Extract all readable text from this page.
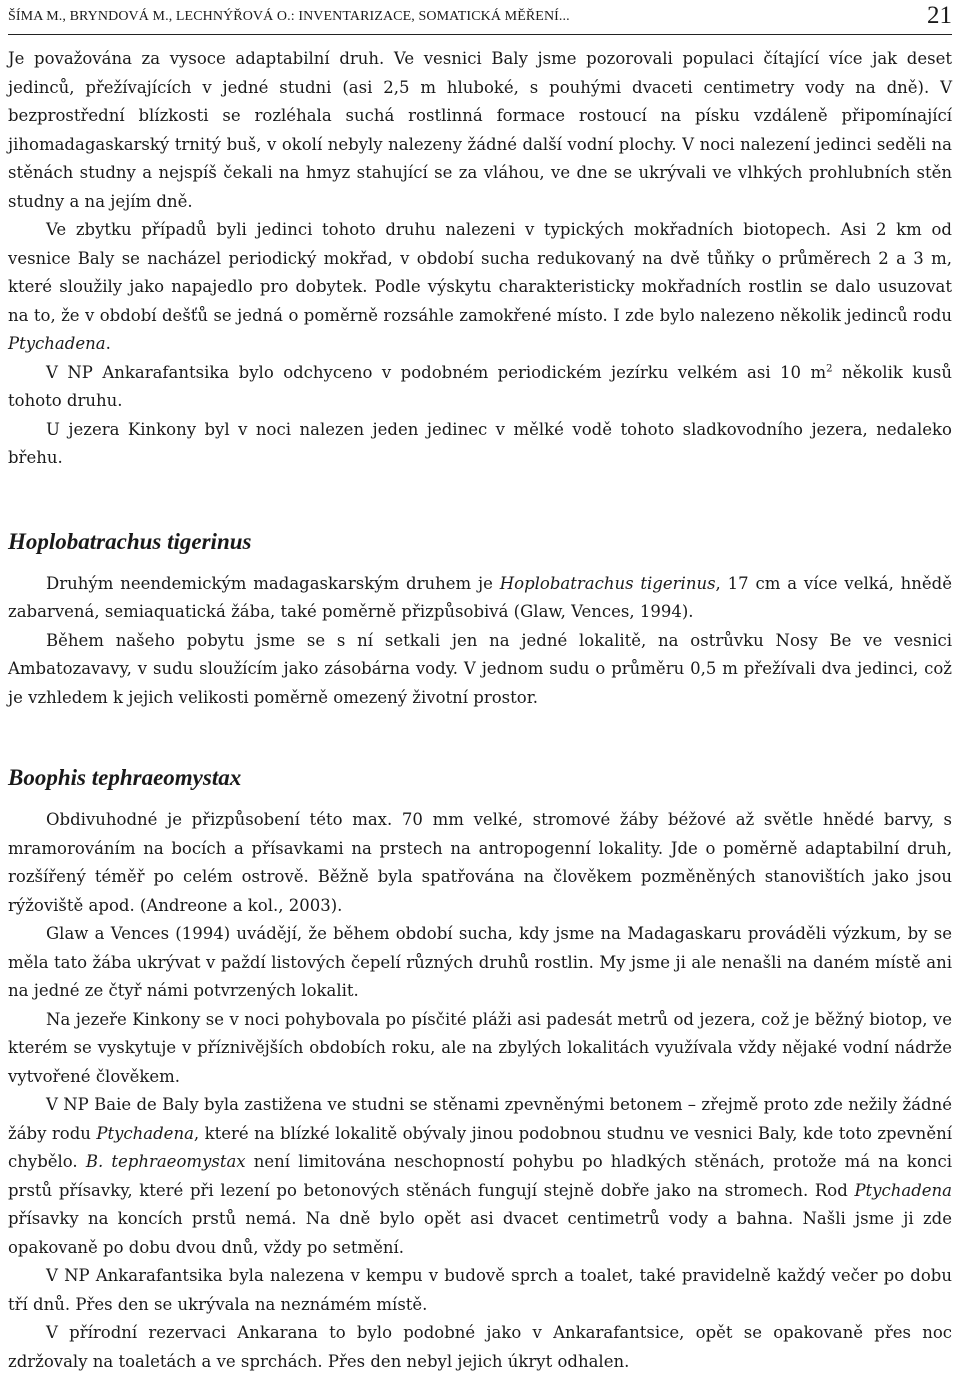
ŠÍMA M., BRYNDOVÁ M., LECHNÝŘOVÁ O.: INVENTARIZACE, SOMATICKÁ MĚŘENÍ...	21

Je považována za vysoce adaptabilní druh. Ve vesnici Baly jsme pozorovali populaci čítající více jak deset jedinců, přežívajících v jedné studni (asi 2,5 m hluboké, s pouhými dvaceti centimetry vody na dně). V bezprostřední blízkosti se rozléhala suchá rostlinná formace rostoucí na písku vzdáleně připomínající jihomadagaskarský trnitý buš, v okolí nebyly nalezeny žádné další vodní plochy. V noci nalezení jedinci seděli na stěnách studny a nejspíš čekali na hmyz stahující se za vláhou, ve dne se ukrývali ve vlhkých prohlubních stěn studny a na jejím dně.

Ve zbytku případů byli jedinci tohoto druhu nalezeni v typických mokřadních biotopech. Asi 2 km od vesnice Baly se nacházel periodický mokřad, v období sucha redukovaný na dvě tůňky o průměrech 2 a 3 m, které sloužily jako napajedlo pro dobytek. Podle výskytu charakteristicky mokřadních rostlin se dalo usuzovat na to, že v období dešťů se jedná o poměrně rozsáhle zamokřené místo. I zde bylo nalezeno několik jedinců rodu Ptychadena.

V NP Ankarafantsika bylo odchyceno v podobném periodickém jezírku velkém asi 10 $m^2$ několik kusů tohoto druhu.

U jezera Kinkony byl v noci nalezen jeden jedinec v mělké vodě tohoto sladkovodního jezera, nedaleko břehu.

Hoplobatrachus tigerinus

Druhým neendemickým madagaskarským druhem je Hoplobatrachus tigerinus, 17 cm a více velká, hnědě zabarvená, semiaquatická žába, také poměrně přizpůsobivá (Glaw, Vences, 1994).

Během našeho pobytu jsme se s ní setkali jen na jedné lokalitě, na ostrůvku Nosy Be ve vesnici Ambatozavavy, v sudu sloužícím jako zásobárna vody. V jednom sudu o průměru 0,5 m přežívali dva jedinci, což je vzhledem k jejich velikosti poměrně omezený životní prostor.

Boophis tephraeomystax

Obdivuhodné je přizpůsobení této max. 70 mm velké, stromové žáby béžové až světle hnědé barvy, s mramorováním na bocích a přísavkami na prstech na antropogenní lokality. Jde o poměrně adaptabilní druh, rozšířený téměř po celém ostrově. Běžně byla spatřována na člověkem pozměněných stanovištích jako jsou rýžoviště apod. (Andreone a kol., 2003).

Glaw a Vences (1994) uvádějí, že během období sucha, kdy jsme na Madagaskaru prováděli výzkum, by se měla tato žába ukrývat v paždí listových čepelí různých druhů rostlin. My jsme ji ale nenašli na daném místě ani na jedné ze čtyř námi potvrzených lokalit.

Na jezeře Kinkony se v noci pohybovala po písčité pláži asi padesát metrů od jezera, což je běžný biotop, ve kterém se vyskytuje v příznivějších obdobích roku, ale na zbylých lokalitách využívala vždy nějaké vodní nádrže vytvořené člověkem.

V NP Baie de Baly byla zastižena ve studni se stěnami zpevněnými betonem – zřejmě proto zde nežily žádné žáby rodu Ptychadena, které na blízké lokalitě obývaly jinou podobnou studnu ve vesnici Baly, kde toto zpevnění chybělo. B. tephraeomystax není limitována neschopností pohybu po hladkých stěnách, protože má na konci prstů přísavky, které při lezení po betonových stěnách fungují stejně dobře jako na stromech. Rod Ptychadena přísavky na koncích prstů nemá. Na dně bylo opět asi dvacet centimetrů vody a bahna. Našli jsme ji zde opakovaně po dobu dvou dnů, vždy po setmění.

V NP Ankarafantsika byla nalezena v kempu v budově sprch a toalet, také pravidelně každý večer po dobu tří dnů. Přes den se ukrývala na neznámém místě.

V přírodní rezervaci Ankarana to bylo podobné jako v Ankarafantsice, opět se opakovaně přes noc zdržovaly na toaletách a ve sprchách. Přes den nebyl jejich úkryt odhalen.
